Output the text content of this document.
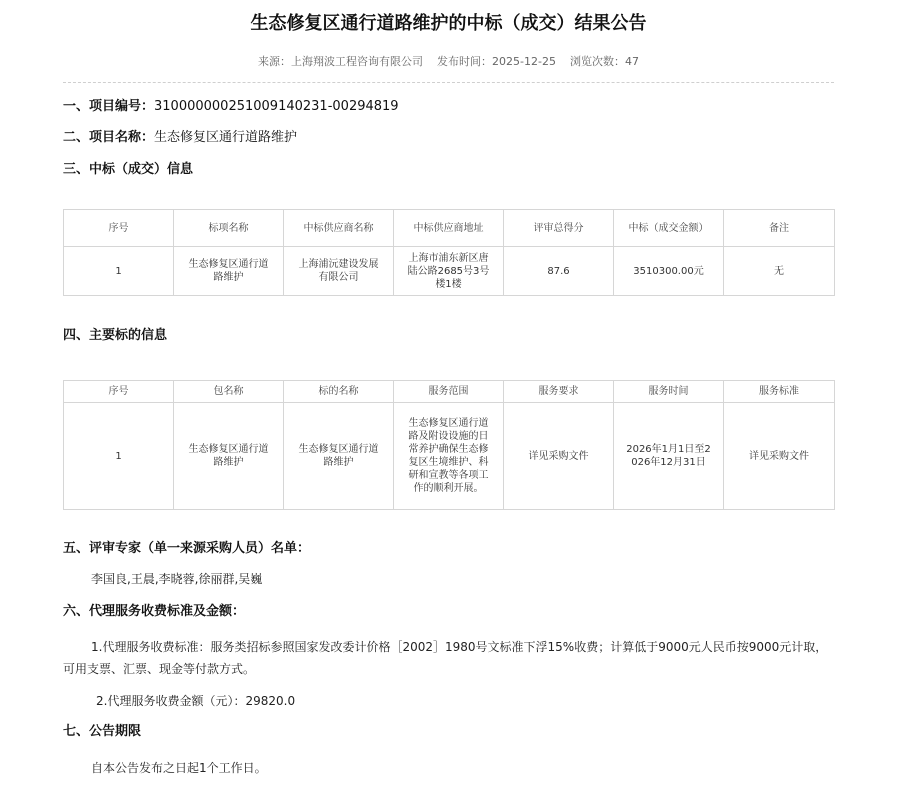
生态修复区通行道路维护的中标（成交）结果公告
来源：上海翔波工程咨询有限公司 发布时间：2025-12-25 浏览次数：47
一、项目编号：310000000251009140231-00294819
二、项目名称：生态修复区通行道路维护
三、中标（成交）信息
序号	标项名称	中标供应商名称	中标供应商地址	评审总得分	中标（成交金额）	备注
1	生态修复区通行道路维护	上海浦沅建设发展有限公司	上海市浦东新区唐陆公路2685号3号楼1楼	87.6	3510300.00元	无
四、主要标的信息
序号	包名称	标的名称	服务范围	服务要求	服务时间	服务标准
1	生态修复区通行道路维护	生态修复区通行道路维护	生态修复区通行道路及附设设施的日常养护确保生态修复区生境维护、科研和宣教等各项工作的顺利开展。	详见采购文件	2026年1月1日至2026年12月31日	详见采购文件
五、评审专家（单一来源采购人员）名单：
李国良,王晨,李晓蓉,徐丽群,吴巍
六、代理服务收费标准及金额：
1.代理服务收费标准：服务类招标参照国家发改委计价格［2002］1980号文标准下浮15%收费；计算低于9000元人民币按9000元计取，可用支票、汇票、现金等付款方式。
2.代理服务收费金额（元）：29820.0
七、公告期限
自本公告发布之日起1个工作日。
